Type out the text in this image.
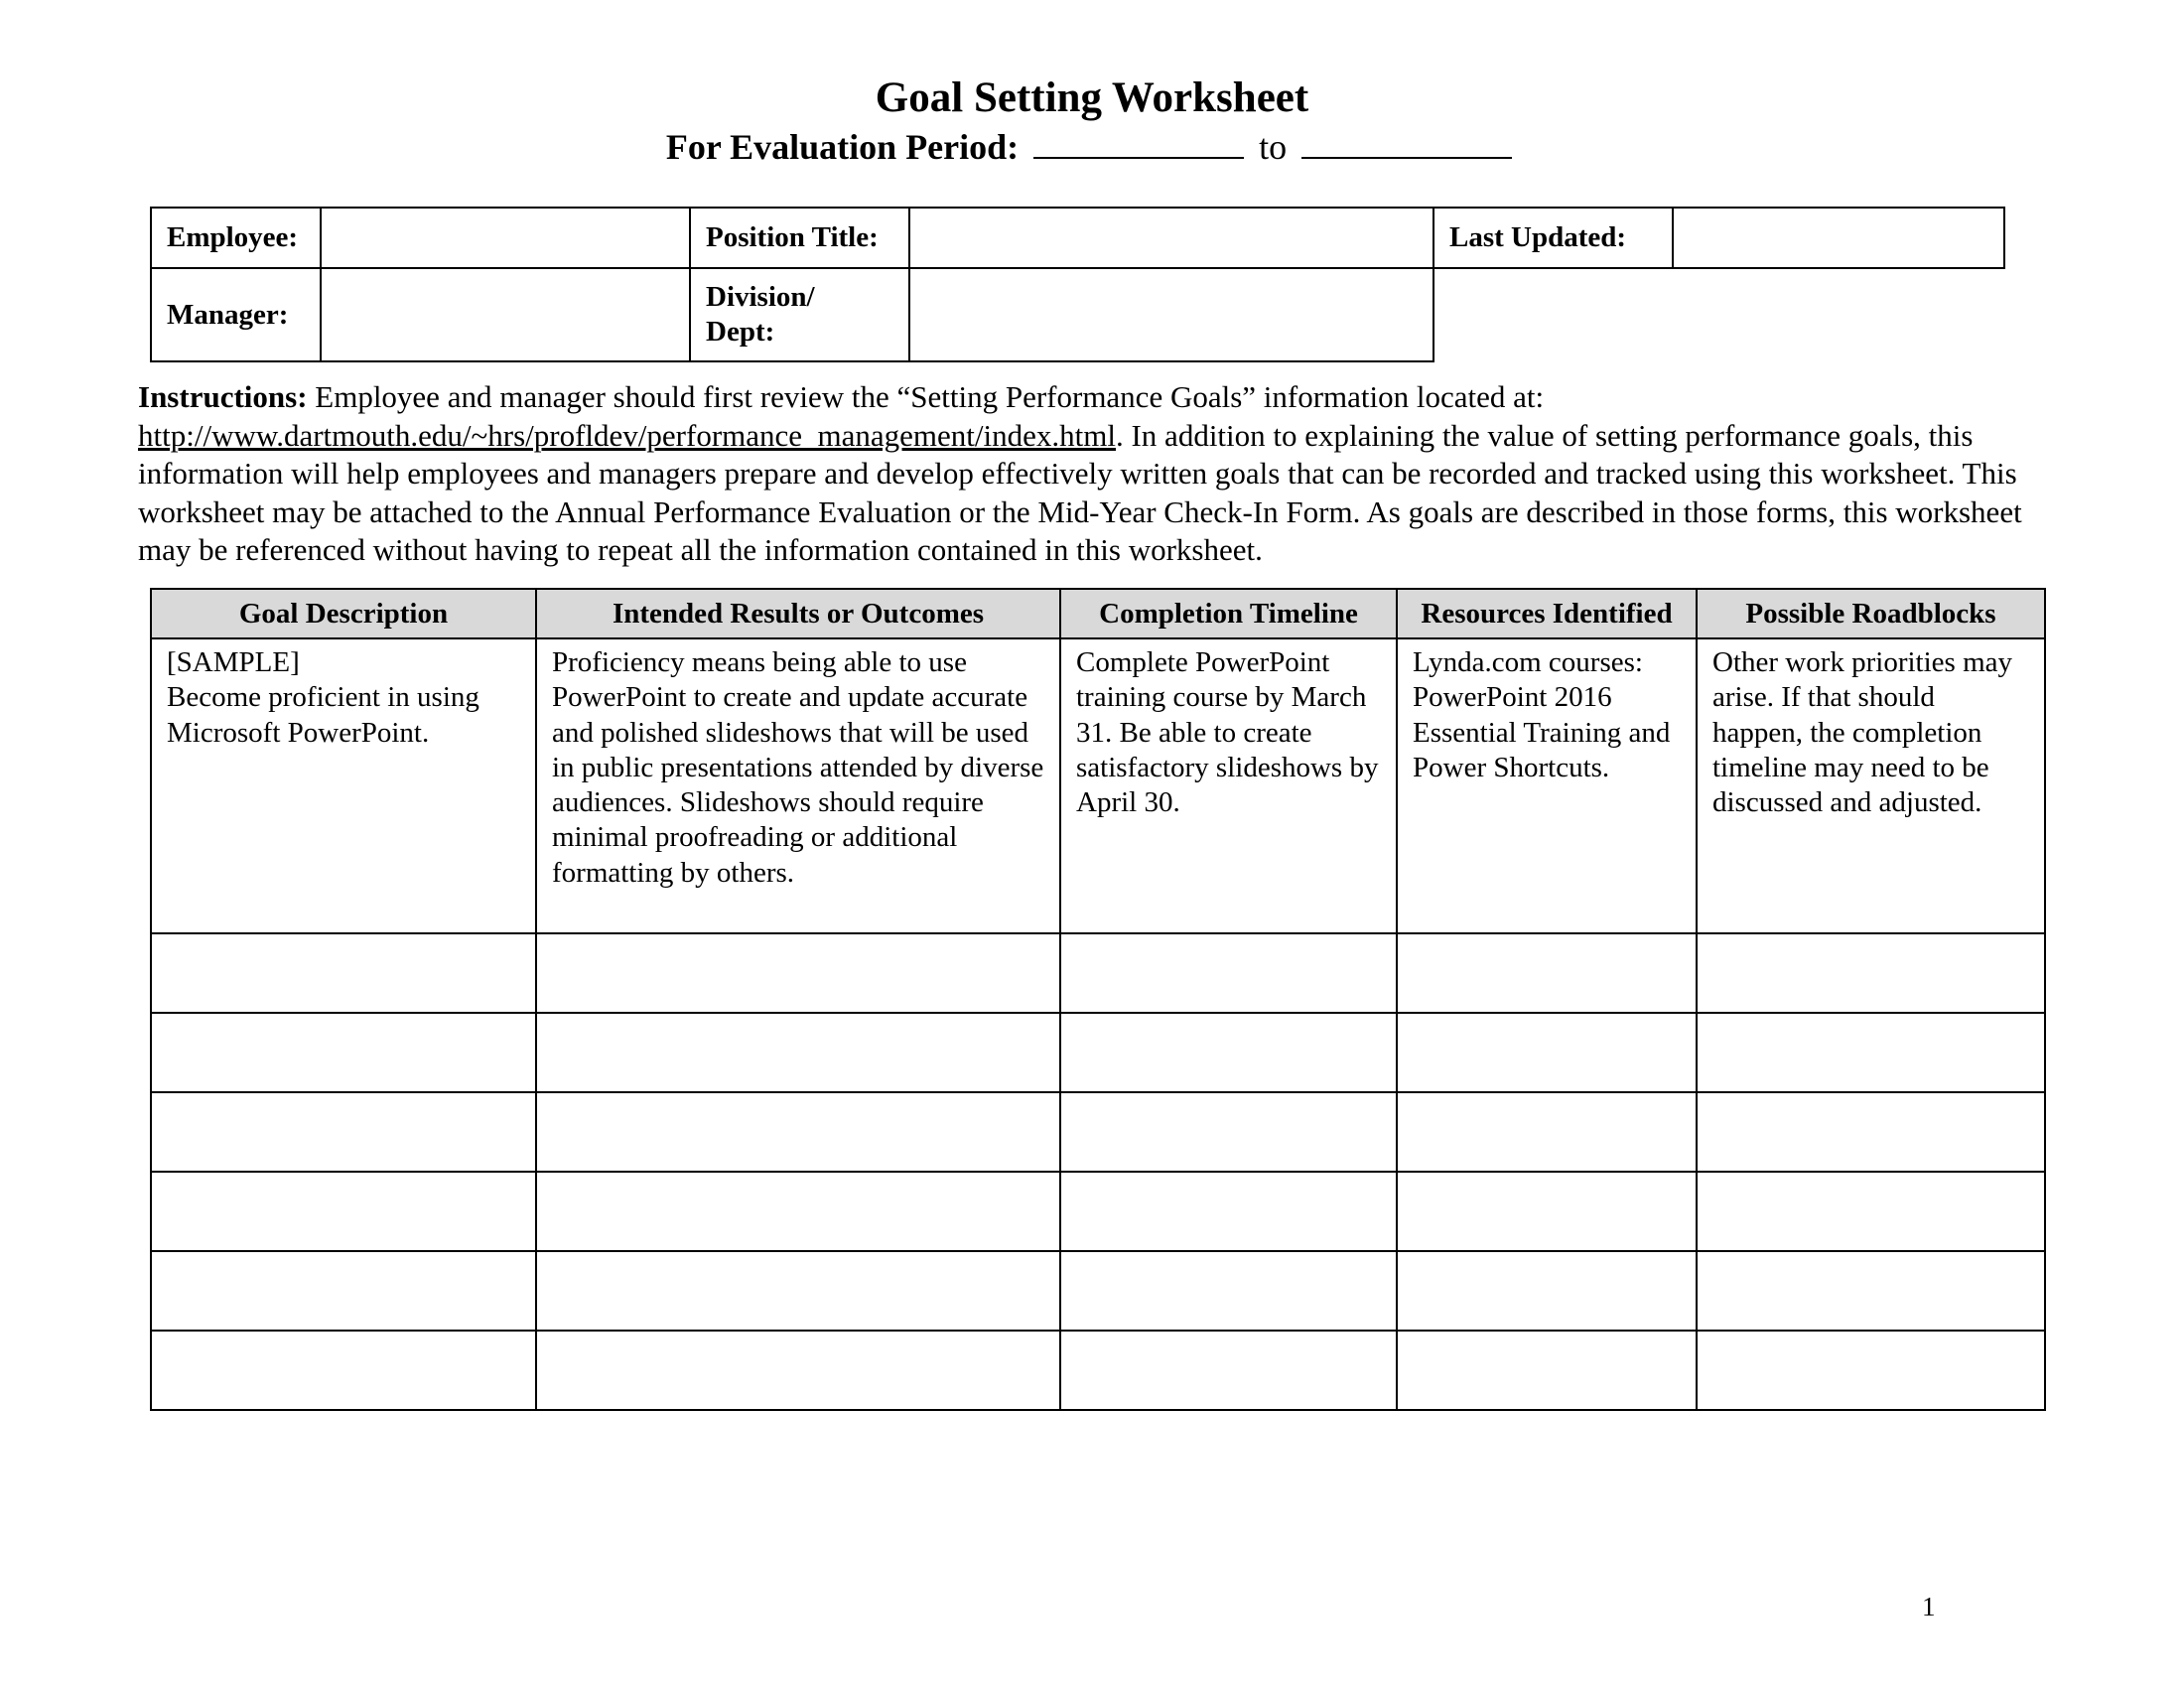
Goal Setting Worksheet
For Evaluation Period:	to
Employee:		Position Title:		Last Updated:	
Manager:		Division/
Dept:			
Instructions: Employee and manager should first review the “Setting Performance Goals” information located at: http://www.dartmouth.edu/~hrs/profldev/performance_management/index.html. In addition to explaining the value of setting performance goals, this information will help employees and managers prepare and develop effectively written goals that can be recorded and tracked using this worksheet. This worksheet may be attached to the Annual Performance Evaluation or the Mid-Year Check-In Form. As goals are described in those forms, this worksheet may be referenced without having to repeat all the information contained in this worksheet.
Goal Description	Intended Results or Outcomes	Completion Timeline	Resources Identified	Possible Roadblocks
[SAMPLE]
Become proficient in using Microsoft PowerPoint.	Proficiency means being able to use PowerPoint to create and update accurate and polished slideshows that will be used in public presentations attended by diverse audiences. Slideshows should require minimal proofreading or additional formatting by others.	Complete PowerPoint training course by March 31. Be able to create satisfactory slideshows by April 30.	Lynda.com courses: PowerPoint 2016 Essential Training and Power Shortcuts.	Other work priorities may arise. If that should happen, the completion timeline may need to be discussed and adjusted.

1
